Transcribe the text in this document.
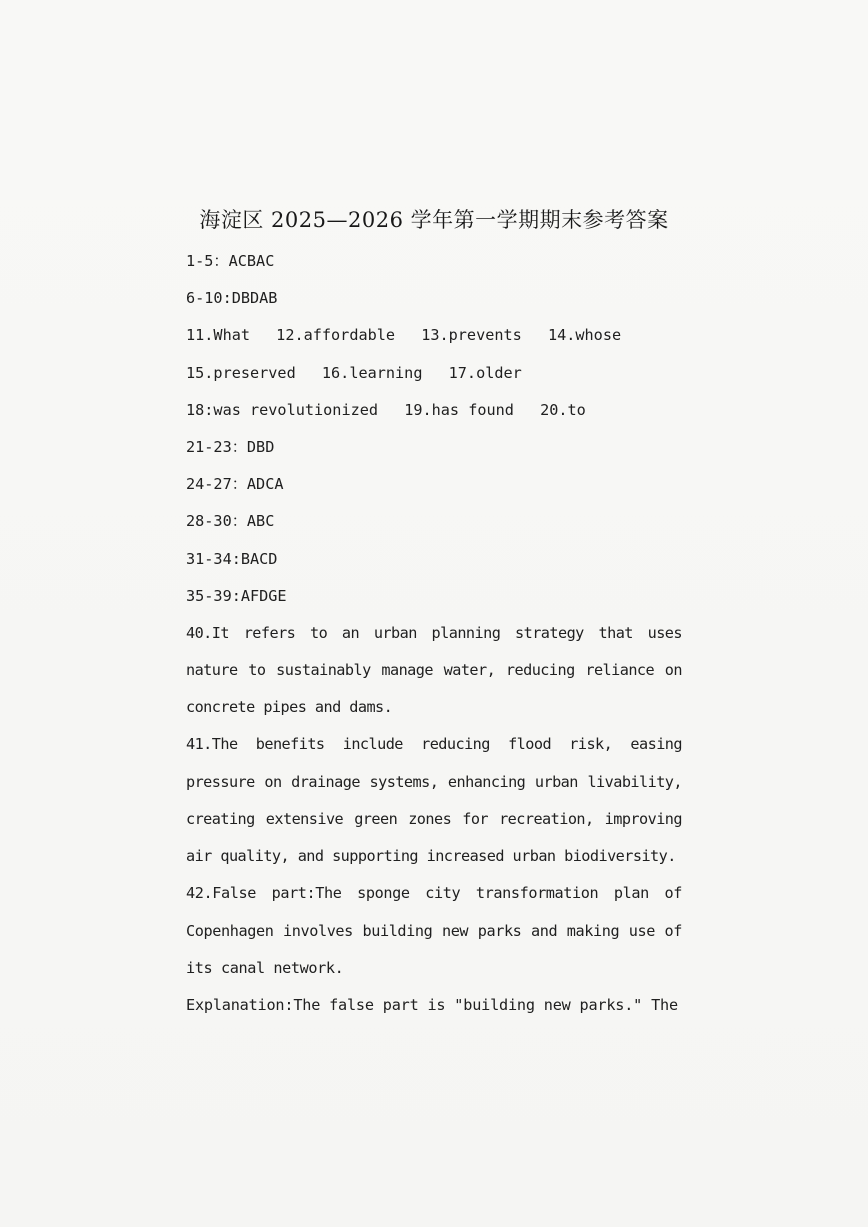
海淀区 2025—2026 学年第一学期期末参考答案
1-5：ACBAC
6-10:DBDAB
11.What 12.affordable 13.prevents 14.whose
15.preserved 16.learning 17.older
18:was revolutionized 19.has found 20.to
21-23：DBD
24-27：ADCA
28-30：ABC
31-34:BACD
35-39:AFDGE

40.It refers to an urban planning strategy that uses nature to sustainably manage water, reducing reliance on concrete pipes and dams.

41.The benefits include reducing flood risk, easing pressure on drainage systems, enhancing urban livability, creating extensive green zones for recreation, improving air quality, and supporting increased urban biodiversity.

42.False part:The sponge city transformation plan of Copenhagen involves building new parks and making use of its canal network.

Explanation:The false part is "building new parks." The
